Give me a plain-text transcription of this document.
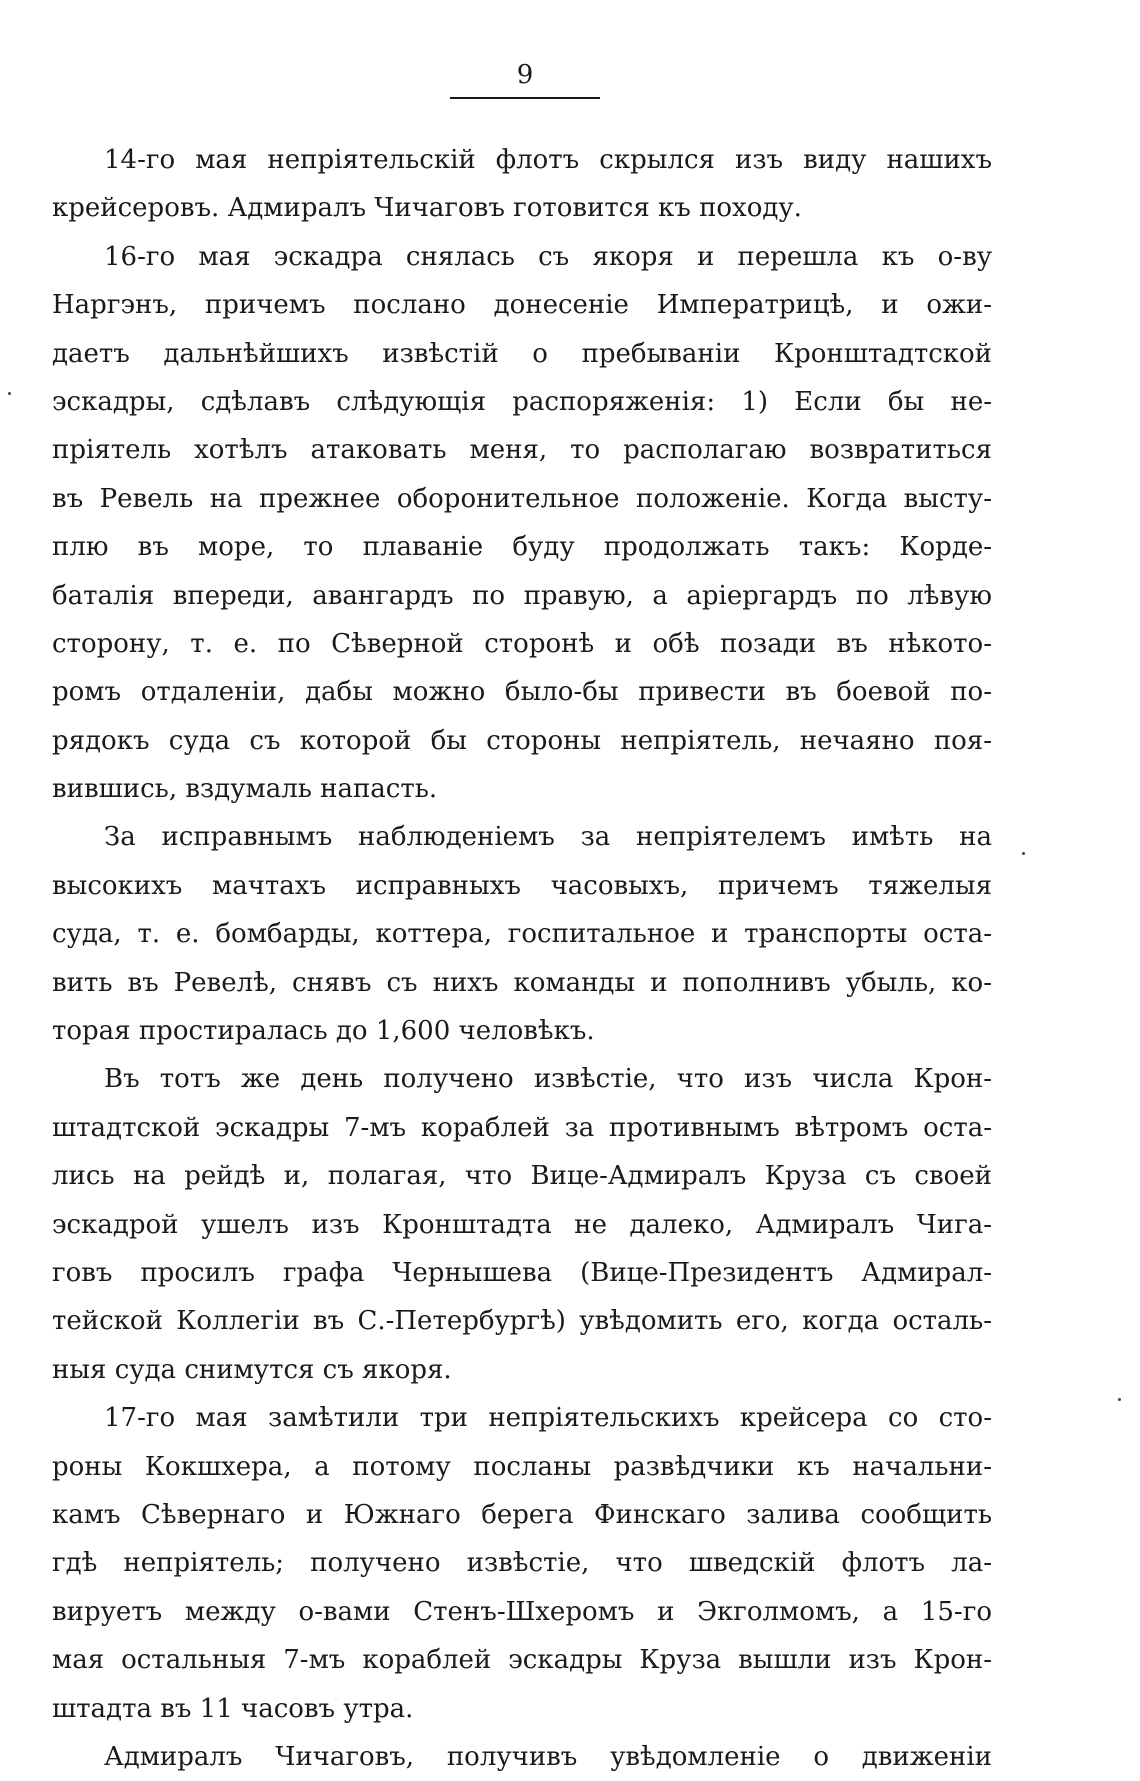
9
14-го мая непріятельскій флотъ скрылся изъ виду нашихъ
крейсеровъ. Адмиралъ Чичаговъ готовится къ походу.
16-го мая эскадра снялась съ якоря и перешла къ о-ву
Наргэнъ, причемъ послано донесеніе Императрицѣ, и ожи-
даетъ дальнѣйшихъ извѣстій о пребываніи Кронштадтской
эскадры, сдѣлавъ слѣдующія распоряженія: 1) Если бы не-
пріятель хотѣлъ атаковать меня, то располагаю возвратиться
въ Ревель на прежнее оборонительное положеніе. Когда высту-
плю въ море, то плаваніе буду продолжать такъ: Корде-
баталія впереди, авангардъ по правую, а аріергардъ по лѣвую
сторону, т. е. по Сѣверной сторонѣ и обѣ позади въ нѣкото-
ромъ отдаленіи, дабы можно было-бы привести въ боевой по-
рядокъ суда съ которой бы стороны непріятель, нечаяно поя-
вившись, вздумаль напасть.
За исправнымъ наблюденіемъ за непріятелемъ имѣть на
высокихъ мачтахъ исправныхъ часовыхъ, причемъ тяжелыя
суда, т. е. бомбарды, коттера, госпитальное и транспорты оста-
вить въ Ревелѣ, снявъ съ нихъ команды и пополнивъ убыль, ко-
торая простиралась до 1,600 человѣкъ.
Въ тотъ же день получено извѣстіе, что изъ числа Крон-
штадтской эскадры 7-мъ кораблей за противнымъ вѣтромъ оста-
лись на рейдѣ и, полагая, что Вице-Адмиралъ Круза съ своей
эскадрой ушелъ изъ Кронштадта не далеко, Адмиралъ Чига-
говъ просилъ графа Чернышева (Вице-Президентъ Адмирал-
тейской Коллегіи въ С.-Петербургѣ) увѣдомить его, когда осталь-
ныя суда снимутся съ якоря.
17-го мая замѣтили три непріятельскихъ крейсера со сто-
роны Кокшхера, а потому посланы развѣдчики къ начальни-
камъ Сѣвернаго и Южнаго берега Финскаго залива сообщить
гдѣ непріятель; получено извѣстіе, что шведскій флотъ ла-
вируетъ между о-вами Стенъ-Шхеромъ и Экголмомъ, а 15-го
мая остальныя 7-мъ кораблей эскадры Круза вышли изъ Крон-
штадта въ 11 часовъ утра.
Адмиралъ Чичаговъ, получивъ увѣдомленіе о движеніи
